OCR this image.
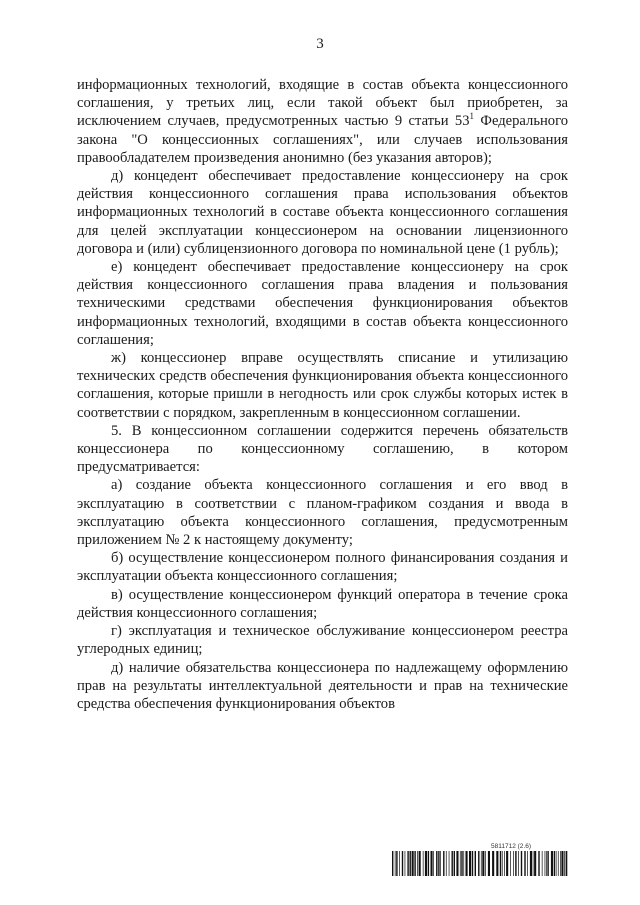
3

информационных технологий, входящие в состав объекта концессионного соглашения, у третьих лиц, если такой объект был приобретен, за исключением случаев, предусмотренных частью 9 статьи $53^1$ Федерального закона "О концессионных соглашениях", или случаев использования правообладателем произведения анонимно (без указания авторов);

д) концедент обеспечивает предоставление концессионеру на срок действия концессионного соглашения права использования объектов информационных технологий в составе объекта концессионного соглашения для целей эксплуатации концессионером на основании лицензионного договора и (или) сублицензионного договора по номинальной цене (1 рубль);

е) концедент обеспечивает предоставление концессионеру на срок действия концессионного соглашения права владения и пользования техническими средствами обеспечения функционирования объектов информационных технологий, входящими в состав объекта концессионного соглашения;

ж) концессионер вправе осуществлять списание и утилизацию технических средств обеспечения функционирования объекта концессионного соглашения, которые пришли в негодность или срок службы которых истек в соответствии с порядком, закрепленным в концессионном соглашении.

5. В концессионном соглашении содержится перечень обязательств концессионера по концессионному соглашению, в котором предусматривается:

а) создание объекта концессионного соглашения и его ввод в эксплуатацию в соответствии с планом-графиком создания и ввода в эксплуатацию объекта концессионного соглашения, предусмотренным приложением № 2 к настоящему документу;

б) осуществление концессионером полного финансирования создания и эксплуатации объекта концессионного соглашения;

в) осуществление концессионером функций оператора в течение срока действия концессионного соглашения;

г) эксплуатация и техническое обслуживание концессионером реестра углеродных единиц;

д) наличие обязательства концессионера по надлежащему оформлению прав на результаты интеллектуальной деятельности и прав на технические средства обеспечения функционирования объектов

5811712 (2.6)
